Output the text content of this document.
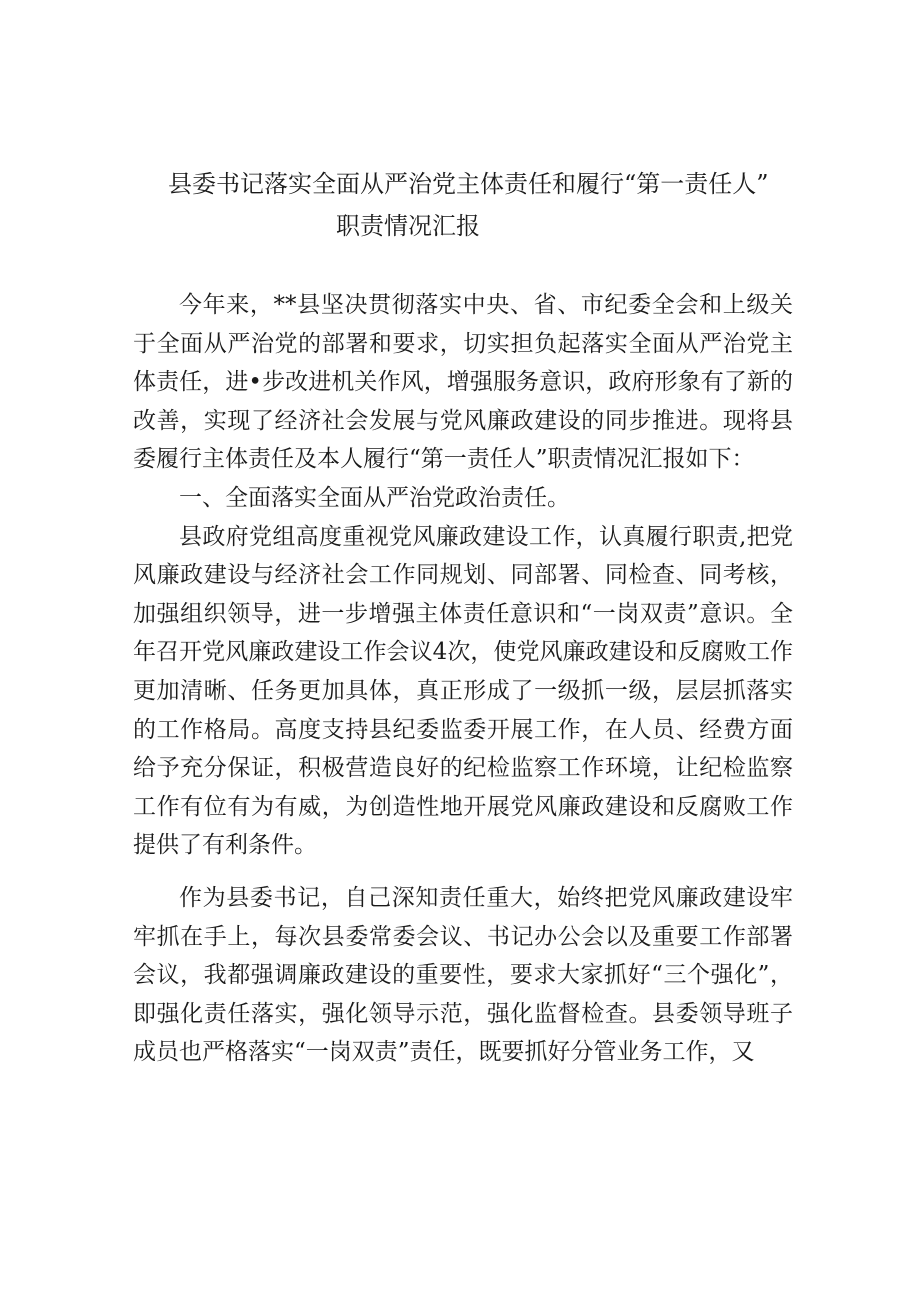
县委书记落实全面从严治党主体责任和履行“第一责任人”
职责情况汇报

今年来，**县坚决贯彻落实中央、省、市纪委全会和上级关于全面从严治党的部署和要求，切实担负起落实全面从严治党主体责任，进•步改进机关作风，增强服务意识，政府形象有了新的改善，实现了经济社会发展与党风廉政建设的同步推进。现将县委履行主体责任及本人履行“第一责任人”职责情况汇报如下：

一、全面落实全面从严治党政治责任。

县政府党组高度重视党风廉政建设工作，认真履行职责,把党风廉政建设与经济社会工作同规划、同部署、同检查、同考核，加强组织领导，进一步增强主体责任意识和“一岗双责”意识。全年召开党风廉政建设工作会议4次，使党风廉政建设和反腐败工作更加清晰、任务更加具体，真正形成了一级抓一级，层层抓落实的工作格局。高度支持县纪委监委开展工作，在人员、经费方面给予充分保证，积极营造良好的纪检监察工作环境，让纪检监察工作有位有为有威，为创造性地开展党风廉政建设和反腐败工作提供了有利条件。

作为县委书记，自己深知责任重大，始终把党风廉政建设牢牢抓在手上，每次县委常委会议、书记办公会以及重要工作部署会议，我都强调廉政建设的重要性，要求大家抓好“三个强化”，即强化责任落实，强化领导示范，强化监督检查。县委领导班子成员也严格落实“一岗双责”责任，既要抓好分管业务工作，又
